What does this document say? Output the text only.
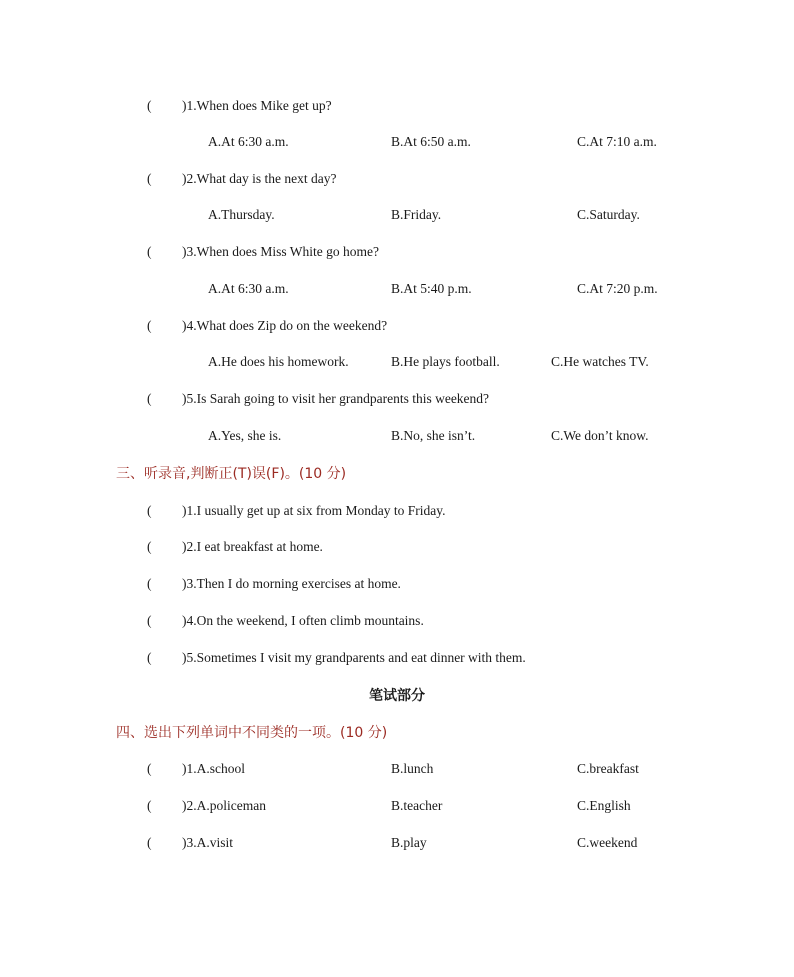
( )1.When does Mike get up?
A.At 6:30 a.m.	B.At 6:50 a.m.	C.At 7:10 a.m.
( )2.What day is the next day?
A.Thursday.	B.Friday.	C.Saturday.
( )3.When does Miss White go home?
A.At 6:30 a.m.	B.At 5:40 p.m.	C.At 7:20 p.m.
( )4.What does Zip do on the weekend?
A.He does his homework.	B.He plays football.	C.He watches TV.
( )5.Is Sarah going to visit her grandparents this weekend?
A.Yes, she is.	B.No, she isn’t.	C.We don’t know.
三、听录音,判断正(T)误(F)。(10 分)
( )1.I usually get up at six from Monday to Friday.
( )2.I eat breakfast at home.
( )3.Then I do morning exercises at home.
( )4.On the weekend, I often climb mountains.
( )5.Sometimes I visit my grandparents and eat dinner with them.
笔试部分
四、选出下列单词中不同类的一项。(10 分)
( )1.A.school	B.lunch	C.breakfast
( )2.A.policeman	B.teacher	C.English
( )3.A.visit	B.play	C.weekend
